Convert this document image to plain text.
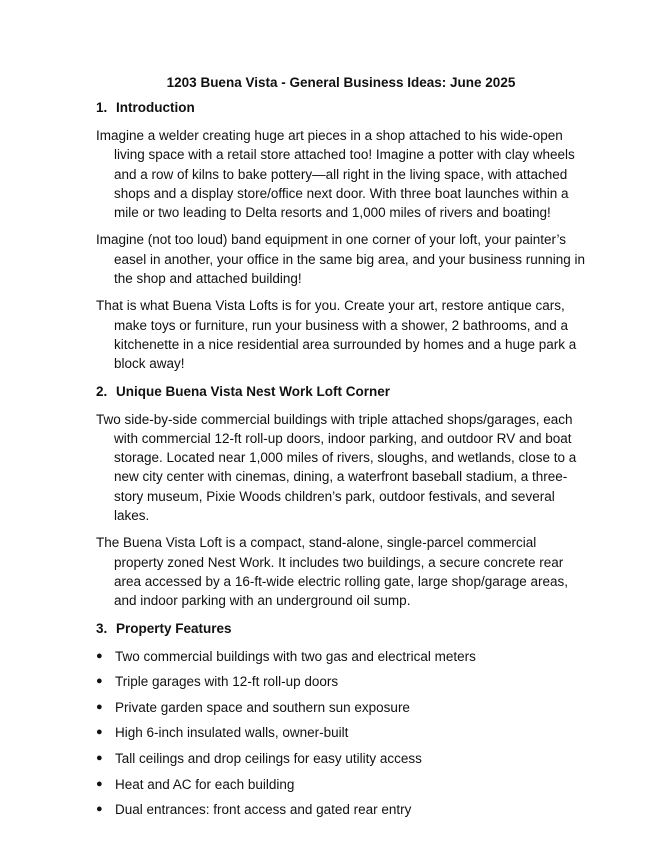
1203 Buena Vista - General Business Ideas: June 2025
1. Introduction

Imagine a welder creating huge art pieces in a shop attached to his wide-open living space with a retail store attached too! Imagine a potter with clay wheels and a row of kilns to bake pottery—all right in the living space, with attached shops and a display store/office next door. With three boat launches within a mile or two leading to Delta resorts and 1,000 miles of rivers and boating!

Imagine (not too loud) band equipment in one corner of your loft, your painter’s easel in another, your office in the same big area, and your business running in the shop and attached building!

That is what Buena Vista Lofts is for you. Create your art, restore antique cars, make toys or furniture, run your business with a shower, 2 bathrooms, and a kitchenette in a nice residential area surrounded by homes and a huge park a block away!

2. Unique Buena Vista Nest Work Loft Corner

Two side-by-side commercial buildings with triple attached shops/garages, each with commercial 12-ft roll-up doors, indoor parking, and outdoor RV and boat storage. Located near 1,000 miles of rivers, sloughs, and wetlands, close to a new city center with cinemas, dining, a waterfront baseball stadium, a three-story museum, Pixie Woods children’s park, outdoor festivals, and several lakes.

The Buena Vista Loft is a compact, stand-alone, single-parcel commercial property zoned Nest Work. It includes two buildings, a secure concrete rear area accessed by a 16-ft-wide electric rolling gate, large shop/garage areas, and indoor parking with an underground oil sump.

3. Property Features
● Two commercial buildings with two gas and electrical meters
● Triple garages with 12-ft roll-up doors
● Private garden space and southern sun exposure
● High 6-inch insulated walls, owner-built
● Tall ceilings and drop ceilings for easy utility access
● Heat and AC for each building
● Dual entrances: front access and gated rear entry
